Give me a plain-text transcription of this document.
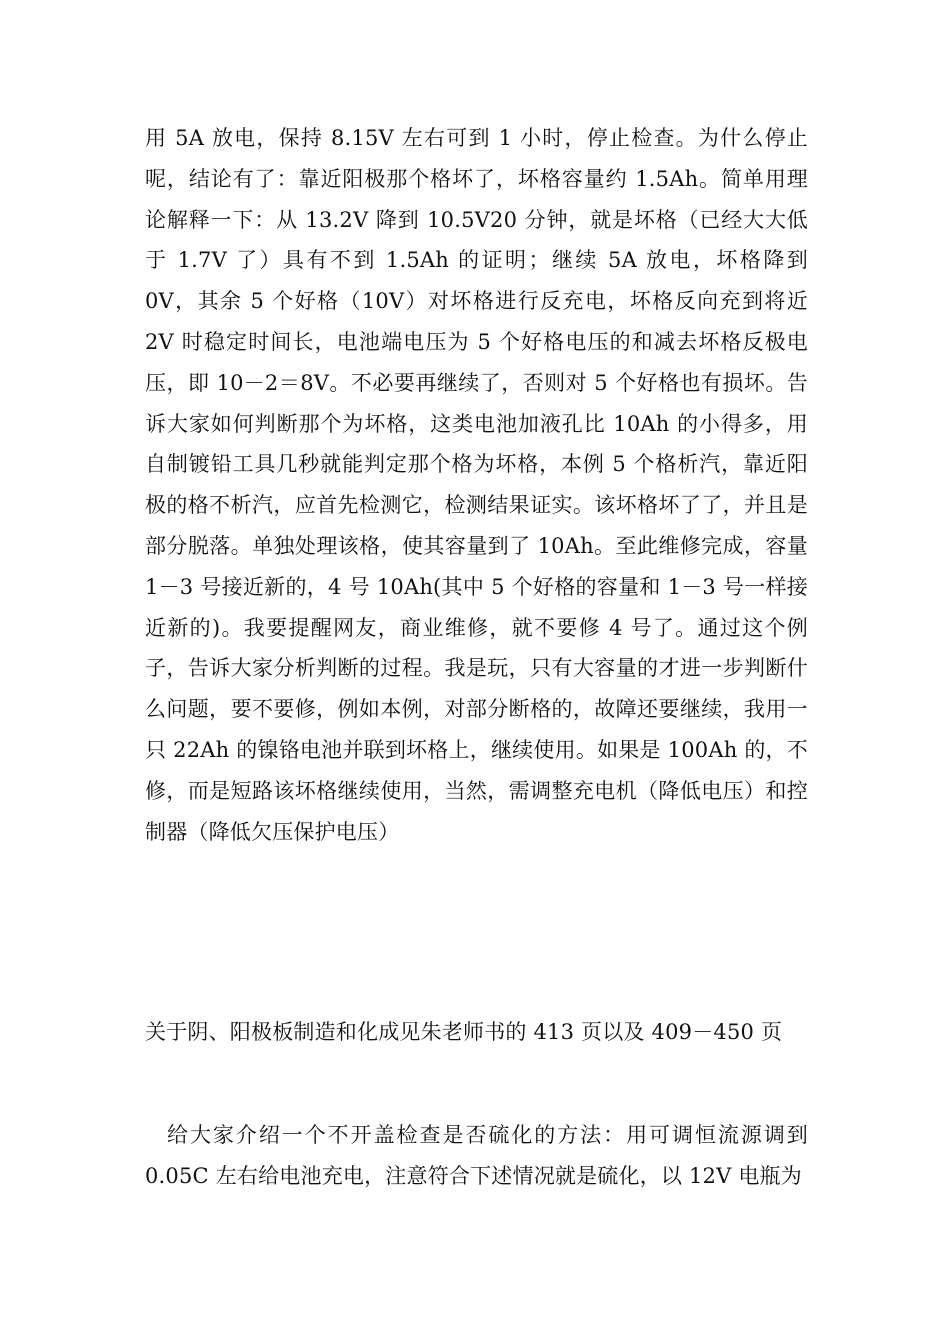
用 5A 放电，保持 8.15V 左右可到 1 小时，停止检查。为什么停止呢，结论有了：靠近阳极那个格坏了，坏格容量约 1.5Ah。简单用理论解释一下：从 13.2V 降到 10.5V20 分钟，就是坏格（已经大大低于 1.7V 了）具有不到 1.5Ah 的证明；继续 5A 放电，坏格降到 0V，其余 5 个好格（10V）对坏格进行反充电，坏格反向充到将近 2V 时稳定时间长，电池端电压为 5 个好格电压的和减去坏格反极电压，即 10－2＝8V。不必要再继续了，否则对 5 个好格也有损坏。告诉大家如何判断那个为坏格，这类电池加液孔比 10Ah 的小得多，用自制镀铅工具几秒就能判定那个格为坏格，本例 5 个格析汽，靠近阳极的格不析汽，应首先检测它，检测结果证实。该坏格坏了了，并且是部分脱落。单独处理该格，使其容量到了 10Ah。至此维修完成，容量 1－3 号接近新的，4 号 10Ah(其中 5 个好格的容量和 1－3 号一样接近新的)。我要提醒网友，商业维修，就不要修 4 号了。通过这个例子，告诉大家分析判断的过程。我是玩，只有大容量的才进一步判断什么问题，要不要修，例如本例，对部分断格的，故障还要继续，我用一只 22Ah 的镍铬电池并联到坏格上，继续使用。如果是 100Ah 的，不修，而是短路该坏格继续使用，当然，需调整充电机（降低电压）和控制器（降低欠压保护电压）

关于阴、阳极板制造和化成见朱老师书的 413 页以及 409－450 页

给大家介绍一个不开盖检查是否硫化的方法：用可调恒流源调到 0.05C 左右给电池充电，注意符合下述情况就是硫化，以 12V 电瓶为
